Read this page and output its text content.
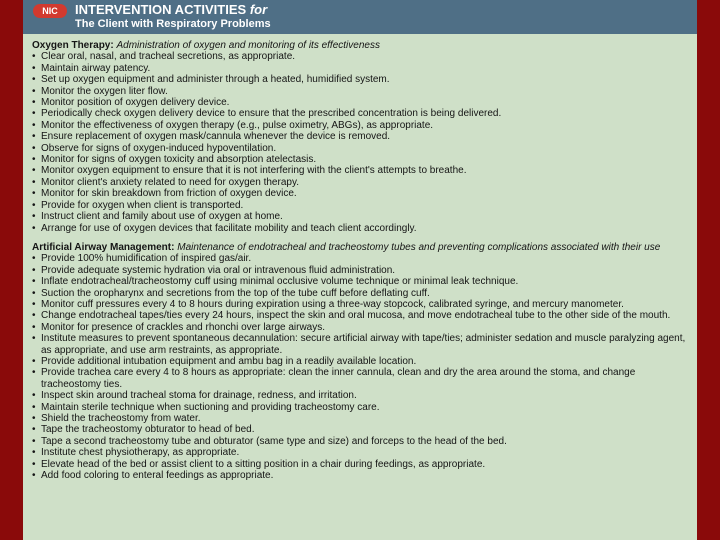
NIC	INTERVENTION ACTIVITIES for
The Client with Respiratory Problems

Oxygen Therapy: Administration of oxygen and monitoring of its effectiveness

• Clear oral, nasal, and tracheal secretions, as appropriate.
• Maintain airway patency.
• Set up oxygen equipment and administer through a heated, humidified system.
• Monitor the oxygen liter flow.
• Monitor position of oxygen delivery device.
• Periodically check oxygen delivery device to ensure that the prescribed concentration is being delivered.
• Monitor the effectiveness of oxygen therapy (e.g., pulse oximetry, ABGs), as appropriate.
• Ensure replacement of oxygen mask/cannula whenever the device is removed.
• Observe for signs of oxygen-induced hypoventilation.
• Monitor for signs of oxygen toxicity and absorption atelectasis.
• Monitor oxygen equipment to ensure that it is not interfering with the client's attempts to breathe.
• Monitor client's anxiety related to need for oxygen therapy.
• Monitor for skin breakdown from friction of oxygen device.
• Provide for oxygen when client is transported.
• Instruct client and family about use of oxygen at home.
• Arrange for use of oxygen devices that facilitate mobility and teach client accordingly.

Artificial Airway Management: Maintenance of endotracheal and tracheostomy tubes and preventing complications associated with their use

• Provide 100% humidification of inspired gas/air.
• Provide adequate systemic hydration via oral or intravenous fluid administration.
• Inflate endotracheal/tracheostomy cuff using minimal occlusive volume technique or minimal leak technique.
• Suction the oropharynx and secretions from the top of the tube cuff before deflating cuff.
• Monitor cuff pressures every 4 to 8 hours during expiration using a three-way stopcock, calibrated syringe, and mercury manometer.
• Change endotracheal tapes/ties every 24 hours, inspect the skin and oral mucosa, and move endotracheal tube to the other side of the mouth.
• Monitor for presence of crackles and rhonchi over large airways.
• Institute measures to prevent spontaneous decannulation: secure artificial airway with tape/ties; administer sedation and muscle paralyzing agent, as appropriate, and use arm restraints, as appropriate.
• Provide additional intubation equipment and ambu bag in a readily available location.
• Provide trachea care every 4 to 8 hours as appropriate: clean the inner cannula, clean and dry the area around the stoma, and change tracheostomy ties.
• Inspect skin around tracheal stoma for drainage, redness, and irritation.
• Maintain sterile technique when suctioning and providing tracheostomy care.
• Shield the tracheostomy from water.
• Tape the tracheostomy obturator to head of bed.
• Tape a second tracheostomy tube and obturator (same type and size) and forceps to the head of the bed.
• Institute chest physiotherapy, as appropriate.
• Elevate head of the bed or assist client to a sitting position in a chair during feedings, as appropriate.
• Add food coloring to enteral feedings as appropriate.
